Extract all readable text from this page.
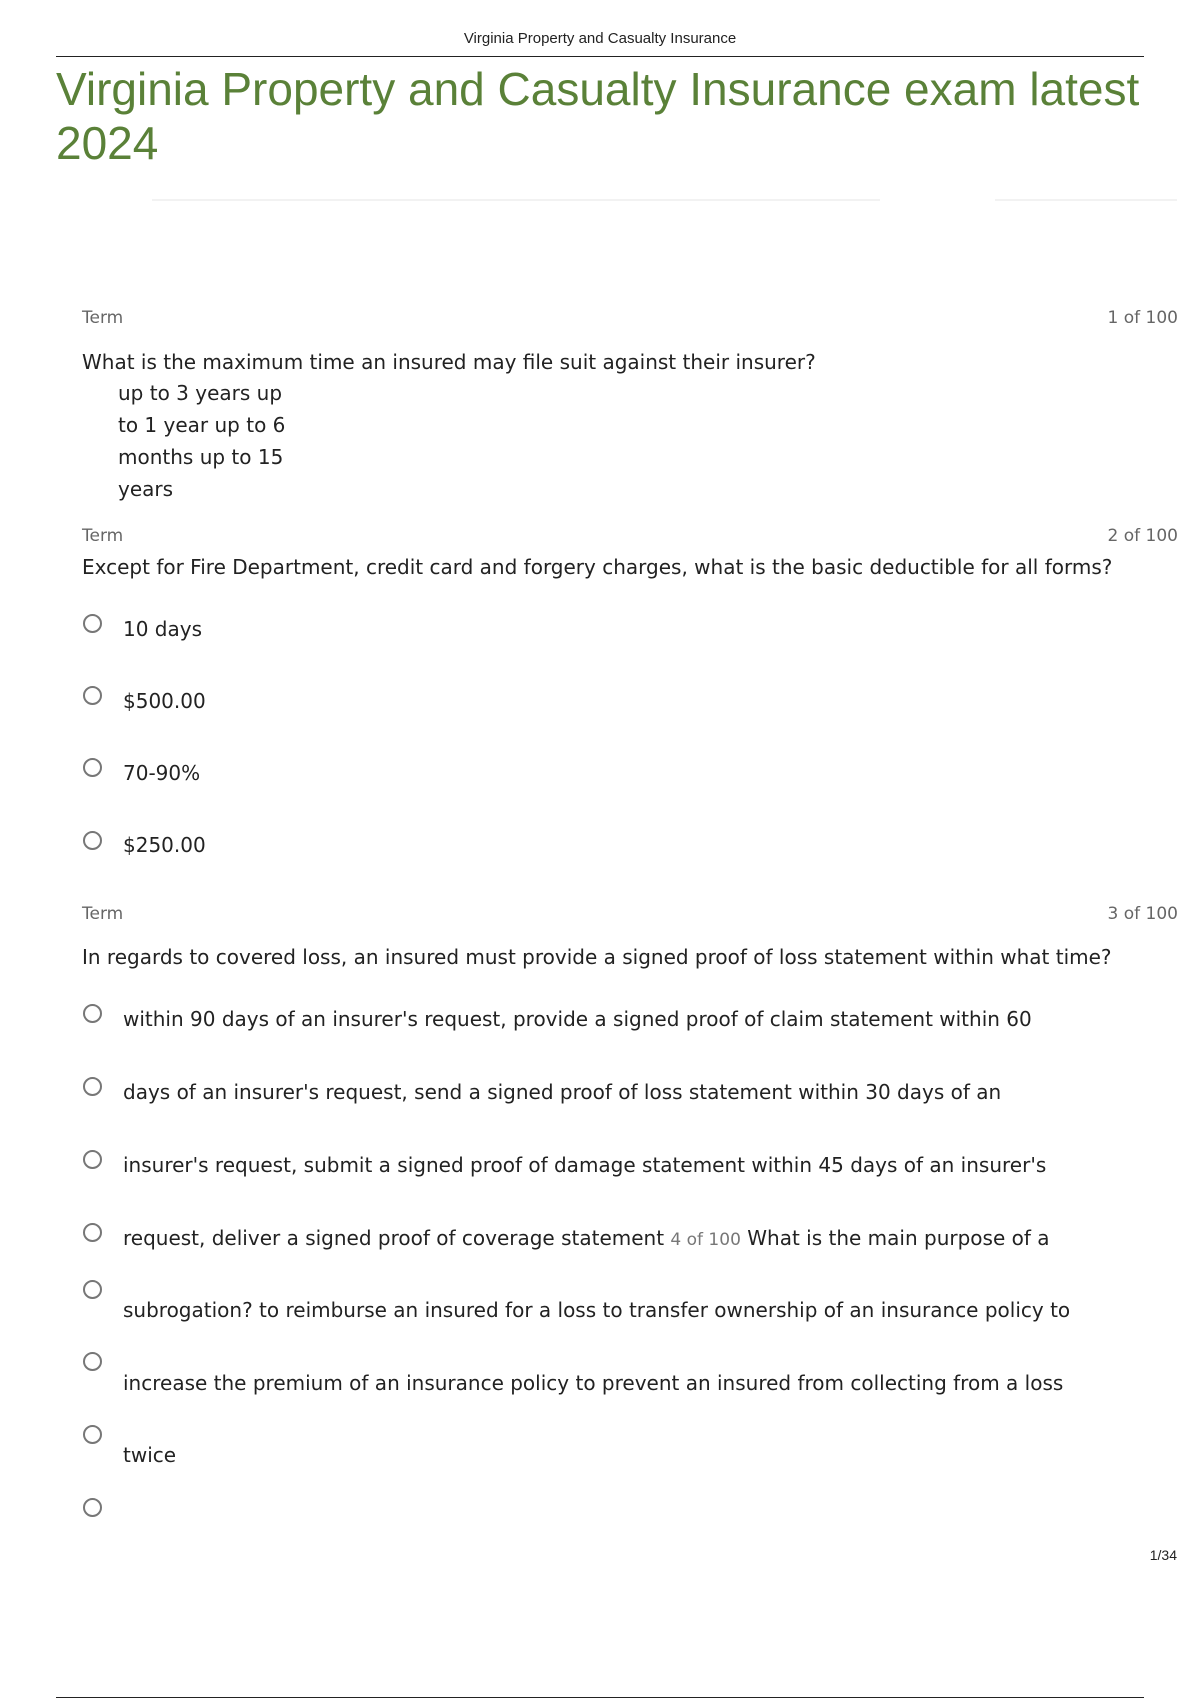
Virginia Property and Casualty Insurance
Virginia Property and Casualty Insurance exam latest 2024
Term	1 of 100
What is the maximum time an insured may file suit against their insurer?
up to 3 years up
to 1 year up to 6
months up to 15
years
Term	2 of 100
Except for Fire Department, credit card and forgery charges, what is the basic deductible for all forms?
10 days
$500.00
70-90%
$250.00
Term	3 of 100
In regards to covered loss, an insured must provide a signed proof of loss statement within what time?
within 90 days of an insurer's request, provide a signed proof of claim statement within 60
days of an insurer's request, send a signed proof of loss statement within 30 days of an
insurer's request, submit a signed proof of damage statement within 45 days of an insurer's
request, deliver a signed proof of coverage statement 4 of 100 What is the main purpose of a
subrogation? to reimburse an insured for a loss to transfer ownership of an insurance policy to
increase the premium of an insurance policy to prevent an insured from collecting from a loss
twice
1/34
